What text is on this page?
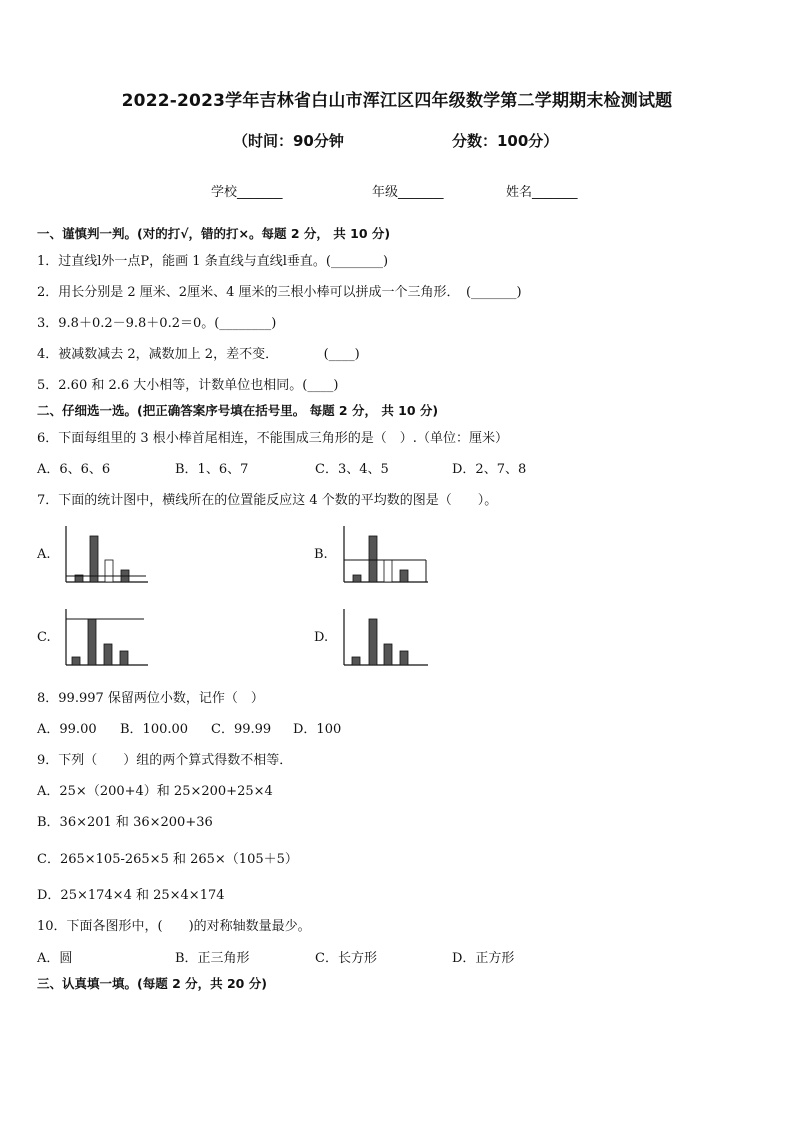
2022-2023学年吉林省白山市浑江区四年级数学第二学期期末检测试题
（时间：90分钟	分数：100分）
学校_______	年级_______	姓名_______
一、谨慎判一判。(对的打√，错的打×。每题 2 分， 共 10 分)
1．过直线l外一点P，能画 1 条直线与直线l垂直。(________)
2．用长分别是 2 厘米、2厘米、4 厘米的三根小棒可以拼成一个三角形．　(_______)
3．9.8＋0.2－9.8＋0.2＝0。(________)
4．被减数减去 2，减数加上 2，差不变．　　　　(____)
5．2.60 和 2.6 大小相等，计数单位也相同。(____)
二、仔细选一选。(把正确答案序号填在括号里。 每题 2 分， 共 10 分)
6．下面每组里的 3 根小棒首尾相连，不能围成三角形的是（　）.（单位：厘米）
A．6、6、6	B．1、6、7	C．3、4、5	D．2、7、8
7．下面的统计图中，横线所在的位置能反应这 4 个数的平均数的图是（　　）。
A.	B.
C.	D.
8．99.997 保留两位小数，记作（　）
A．99.00 B．100.00 C．99.99 D．100
9．下列（　　）组的两个算式得数不相等．
A．25×（200+4）和 25×200+25×4
B．36×201 和 36×200+36
C．265×105-265×5 和 265×（105＋5）
D．25×174×4 和 25×4×174
10．下面各图形中，(　　)的对称轴数量最少。
A．圆	B．正三角形	C．长方形	D．正方形
三、认真填一填。(每题 2 分，共 20 分)
